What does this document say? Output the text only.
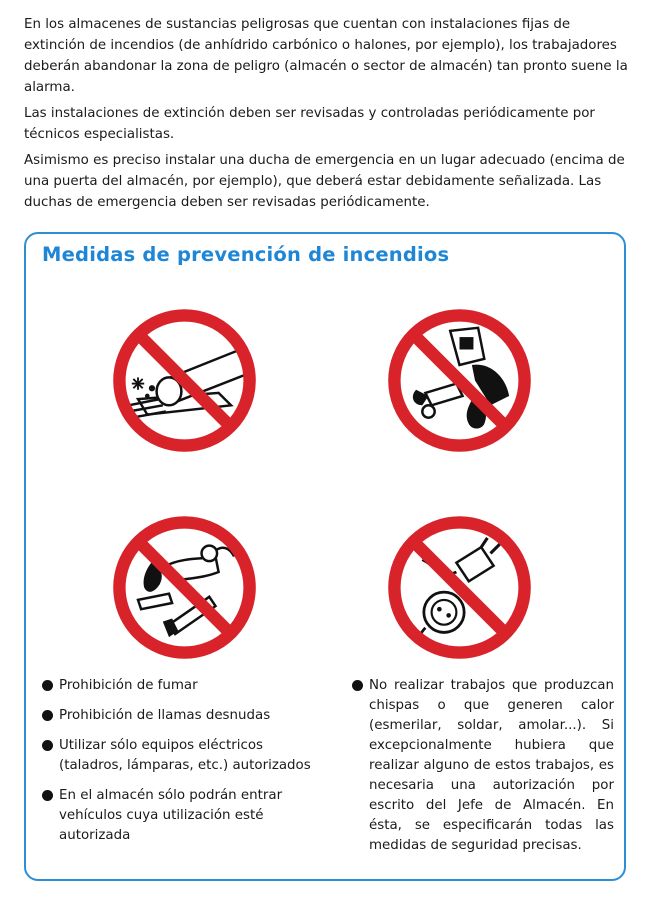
En los almacenes de sustancias peligrosas que cuentan con instalaciones fijas de extinción de incendios (de anhídrido carbónico o halones, por ejemplo), los trabajadores deberán abandonar la zona de peligro (almacén o sector de almacén) tan pronto suene la alarma.

Las instalaciones de extinción deben ser revisadas y controladas periódicamente por técnicos especialistas.

Asimismo es preciso instalar una ducha de emergencia en un lugar adecuado (encima de una puerta del almacén, por ejemplo), que deberá estar debidamente señalizada. Las duchas de emergencia deben ser revisadas periódicamente.

Medidas de prevención de incendios
Prohibición de fumar
Prohibición de llamas desnudas
Utilizar sólo equipos eléctricos (taladros, lámparas, etc.) autorizados
En el almacén sólo podrán entrar vehículos cuya utilización esté autorizada
No realizar trabajos que produzcan chispas o que generen calor (esmerilar, soldar, amolar...). Si excepcionalmente hubiera que realizar alguno de estos trabajos, es necesaria una autorización por escrito del Jefe de Almacén. En ésta, se especificarán todas las medidas de seguridad precisas.
